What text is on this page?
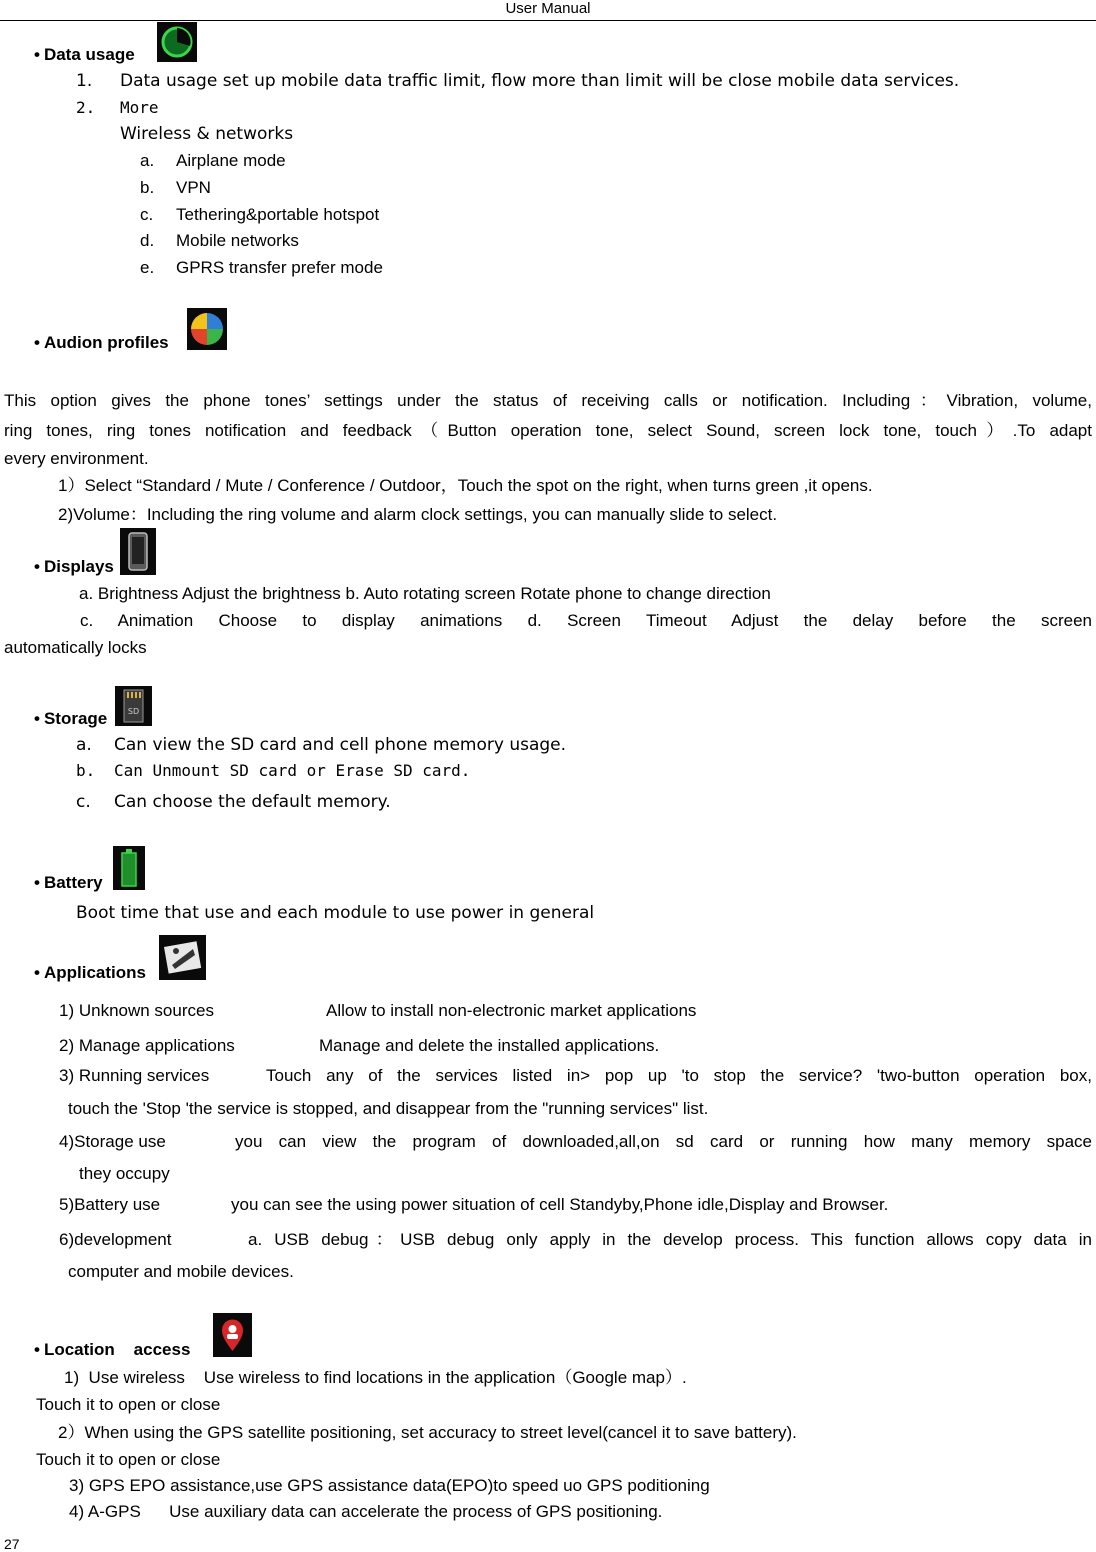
User Manual
• Data usage
1. Data usage set up mobile data traffic limit, flow more than limit will be close mobile data services.
2. More
Wireless & networks
a. Airplane mode
b. VPN
c. Tethering&portable hotspot
d. Mobile networks
e. GPRS transfer prefer mode
• Audion profiles
This option gives the phone tones’ settings under the status of receiving calls or notification. Including：Vibration, volume,
ring tones, ring tones notification and feedback（Button operation tone, select Sound, screen lock tone, touch）.To adapt
every environment.
1）Select “Standard / Mute / Conference / Outdoor，Touch the spot on the right, when turns green ,it opens.
2)Volume：Including the ring volume and alarm clock settings, you can manually slide to select.
• Displays
a. Brightness Adjust the brightness b. Auto rotating screen Rotate phone to change direction
c. Animation Choose to display animations d. Screen Timeout Adjust the delay before the screen
automatically locks
• Storage	SD
a. Can view the SD card and cell phone memory usage.
b. Can Unmount SD card or Erase SD card.
c. Can choose the default memory.
• Battery
Boot time that use and each module to use power in general
• Applications
1) Unknown sources	Allow to install non-electronic market applications
2) Manage applications	Manage and delete the installed applications.
3) Running services	Touch any of the services listed in> pop up 'to stop the service? 'two-button operation box,
touch the 'Stop 'the service is stopped, and disappear from the "running services" list.
4)Storage use	you can view the program of downloaded,all,on sd card or running how many memory space
they occupy
5)Battery use	you can see the using power situation of cell Standyby,Phone idle,Display and Browser.
6)development	a. USB debug：USB debug only apply in the develop process. This function allows copy data in
computer and mobile devices.
• Location    access
1)  Use wireless    Use wireless to find locations in the application（Google map）.
Touch it to open or close
2）When using the GPS satellite positioning, set accuracy to street level(cancel it to save battery).
Touch it to open or close
3) GPS EPO assistance,use GPS assistance data(EPO)to speed uo GPS poditioning
4) A-GPS      Use auxiliary data can accelerate the process of GPS positioning.
27
